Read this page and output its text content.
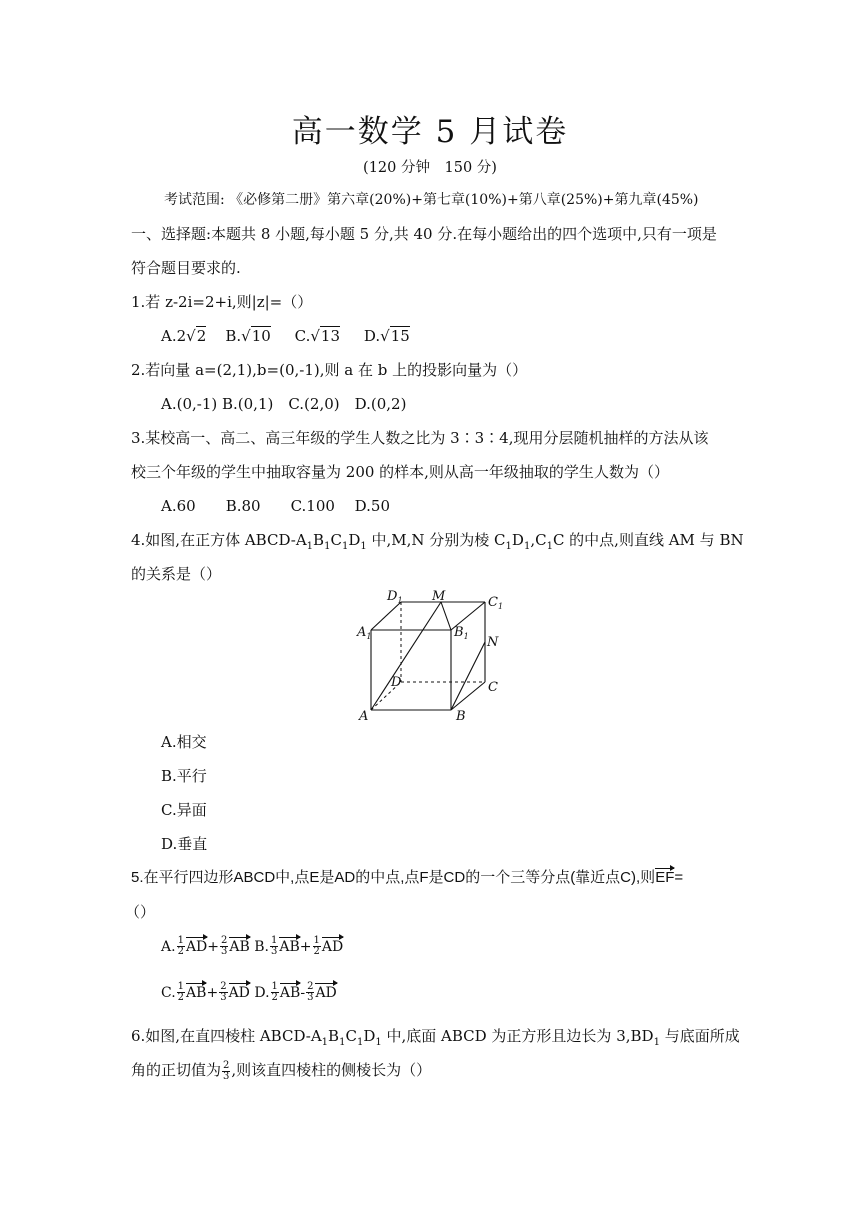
高一数学 5 月试卷
(120 分钟　150 分)
考试范围: 《必修第二册》第六章(20%)+第七章(10%)+第八章(25%)+第九章(45%)
一、选择题:本题共 8 小题,每小题 5 分,共 40 分.在每小题给出的四个选项中,只有一项是
符合题目要求的.
1.若 z-2i=2+i,则|z|=（）
A.2√2 B.√10 C.√13 D.√15
2.若向量 a=(2,1),b=(0,-1),则 a 在 b 上的投影向量为（）
A.(0,-1) B.(0,1)　C.(2,0)　D.(0,2)
3.某校高一、高二、高三年级的学生人数之比为 3∶3∶4,现用分层随机抽样的方法从该
校三个年级的学生中抽取容量为 200 的样本,则从高一年级抽取的学生人数为（）
A.60　　B.80　　C.100　 D.50
4.如图,在正方体 ABCD-$A_1B_1C_1D_1$ 中,M,N 分别为棱 $C_1D_1,C_1C$ 的中点,则直线 AM 与 BN
的关系是（）
$D_1$ M	$C_1$
$A_1$	$B_1$ N
D	C
A	B
A.相交
B.平行
C.异面
D.垂直
5.在平行四边形ABCD中,点E是AD的中点,点F是CD的一个三等分点(靠近点C),则EF=
（）
A. $\frac{1}{2} AD+ \frac{2}{3}$ AB B. $\frac{1}{3} AB+ \frac{1}{2}$ AD
C. $\frac{1}{2} AB+ \frac{2}{3}$ AD D. $\frac{1}{2} AB- \frac{2}{3}$ AD
6.如图,在直四棱柱 ABCD-$A_1B_1C_1D_1$ 中,底面 ABCD 为正方形且边长为 $3,BD_1$ 与底面所成
角的正切值为 $\frac{2}{3}$ ,则该直四棱柱的侧棱长为（）
